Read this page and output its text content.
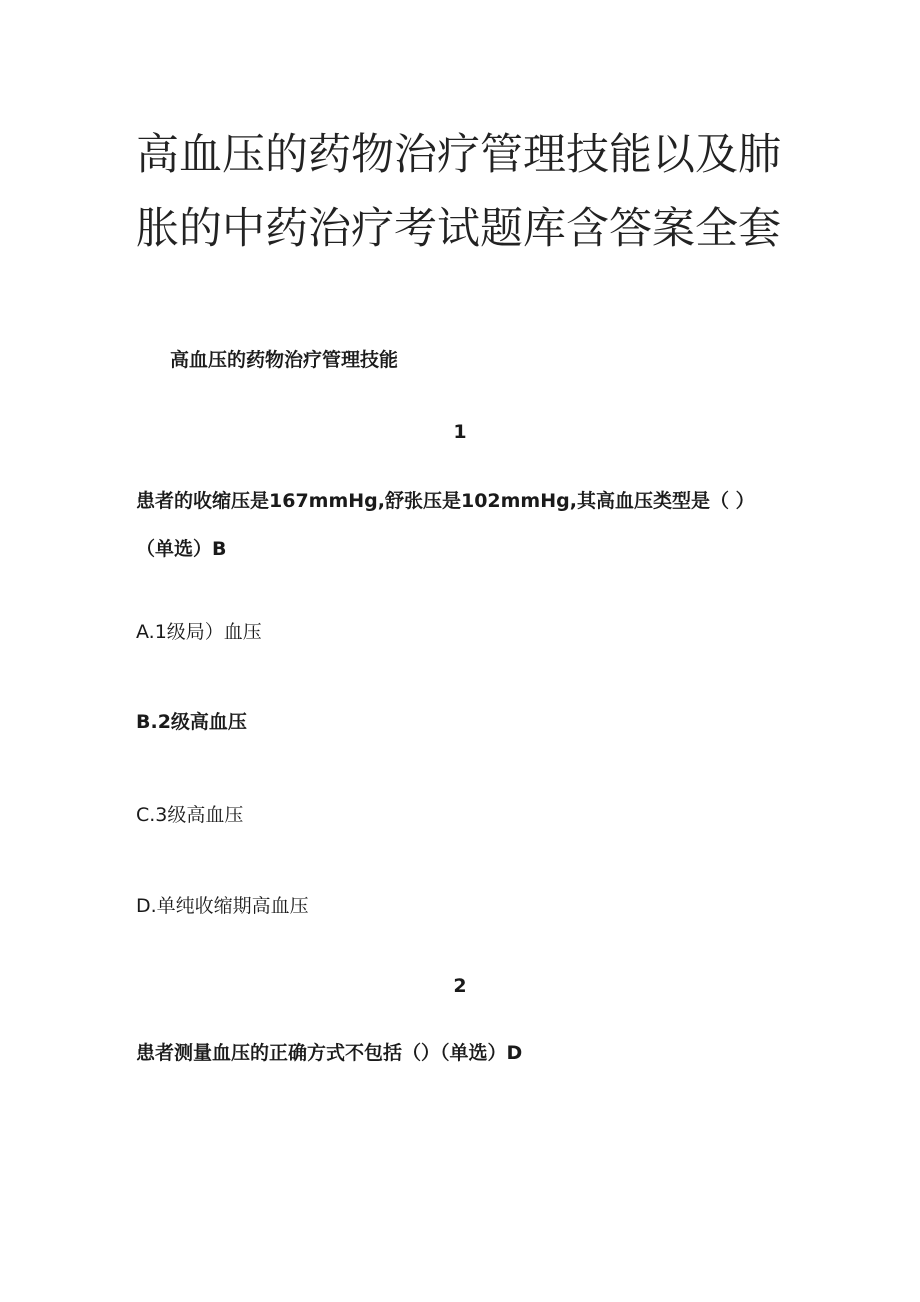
高血压的药物治疗管理技能以及肺胀的中药治疗考试题库含答案全套
高血压的药物治疗管理技能
1
患者的收缩压是167mmHg,舒张压是102mmHg,其高血压类型是（ ）（单选）B
A.1级局）血压
B.2级高血压
C.3级高血压
D.单纯收缩期高血压
2
患者测量血压的正确方式不包括（）（单选）D
